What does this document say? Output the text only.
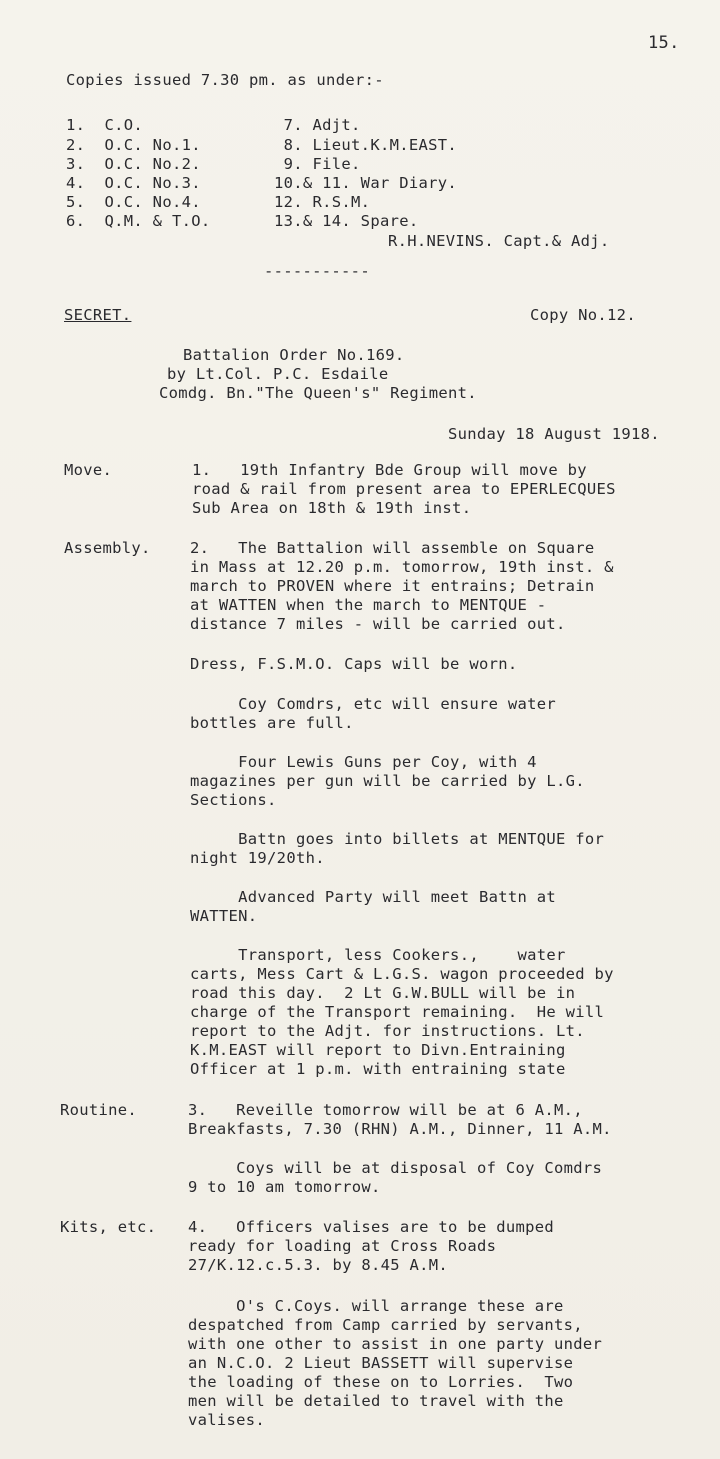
15.
Copies issued 7.30 pm. as under:-
1.  C.O.
2.  O.C. No.1.
3.  O.C. No.2.
4.  O.C. No.3.
5.  O.C. No.4.
6.  Q.M. & T.O.
7. Adjt.
8. Lieut.K.M.EAST.
9. File.
10.& 11. War Diary.
12. R.S.M.
13.& 14. Spare.
R.H.NEVINS. Capt.& Adj.
-----------
SECRET.	Copy No.12.
Battalion Order No.169.
by Lt.Col. P.C. Esdaile
Comdg. Bn."The Queen's" Regiment.
Sunday 18 August 1918.
Move.	1.   19th Infantry Bde Group will move by
road & rail from present area to EPERLECQUES
Sub Area on 18th & 19th inst.
Assembly.	2.   The Battalion will assemble on Square
in Mass at 12.20 p.m. tomorrow, 19th inst. &
march to PROVEN where it entrains; Detrain
at WATTEN when the march to MENTQUE -
distance 7 miles - will be carried out.
Dress, F.S.M.O. Caps will be worn.
Coy Comdrs, etc will ensure water
bottles are full.
Four Lewis Guns per Coy, with 4
magazines per gun will be carried by L.G.
Sections.
Battn goes into billets at MENTQUE for
night 19/20th.
Advanced Party will meet Battn at
WATTEN.
Transport, less Cookers.,    water
carts, Mess Cart & L.G.S. wagon proceeded by
road this day.  2 Lt G.W.BULL will be in
charge of the Transport remaining.  He will
report to the Adjt. for instructions. Lt.
K.M.EAST will report to Divn.Entraining
Officer at 1 p.m. with entraining state
Routine.	3.   Reveille tomorrow will be at 6 A.M.,
Breakfasts, 7.30 (RHN) A.M., Dinner, 11 A.M.
Coys will be at disposal of Coy Comdrs
9 to 10 am tomorrow.
Kits, etc. 4.   Officers valises are to be dumped
ready for loading at Cross Roads
27/K.12.c.5.3. by 8.45 A.M.
O's C.Coys. will arrange these are
despatched from Camp carried by servants,
with one other to assist in one party under
an N.C.O. 2 Lieut BASSETT will supervise
the loading of these on to Lorries.  Two
men will be detailed to travel with the
valises.
